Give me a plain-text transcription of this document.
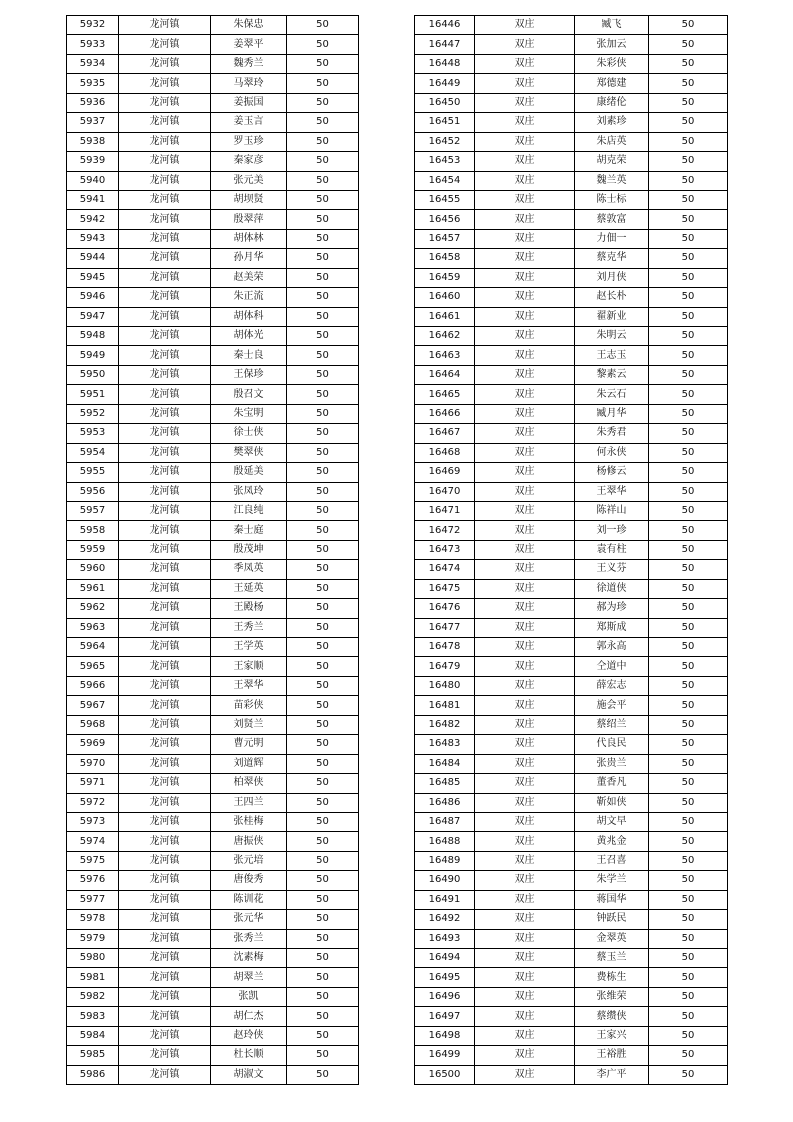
5932	龙河镇	朱保忠	50
5933	龙河镇	姜翠平	50
5934	龙河镇	魏秀兰	50
5935	龙河镇	马翠玲	50
5936	龙河镇	姜振国	50
5937	龙河镇	姜玉言	50
5938	龙河镇	罗玉珍	50
5939	龙河镇	秦家彦	50
5940	龙河镇	张元美	50
5941	龙河镇	胡坝贤	50
5942	龙河镇	殷翠萍	50
5943	龙河镇	胡体林	50
5944	龙河镇	孙月华	50
5945	龙河镇	赵美荣	50
5946	龙河镇	朱正流	50
5947	龙河镇	胡体科	50
5948	龙河镇	胡体光	50
5949	龙河镇	秦士良	50
5950	龙河镇	王保珍	50
5951	龙河镇	殷召文	50
5952	龙河镇	朱宝明	50
5953	龙河镇	徐士侠	50
5954	龙河镇	樊翠侠	50
5955	龙河镇	殷延美	50
5956	龙河镇	张凤玲	50
5957	龙河镇	江良纯	50
5958	龙河镇	秦士庭	50
5959	龙河镇	殷茂坤	50
5960	龙河镇	季凤英	50
5961	龙河镇	王延英	50
5962	龙河镇	王殿杨	50
5963	龙河镇	王秀兰	50
5964	龙河镇	王学英	50
5965	龙河镇	王家顺	50
5966	龙河镇	王翠华	50
5967	龙河镇	苗彩侠	50
5968	龙河镇	刘贤兰	50
5969	龙河镇	曹元明	50
5970	龙河镇	刘道辉	50
5971	龙河镇	柏翠侠	50
5972	龙河镇	王四兰	50
5973	龙河镇	张桂梅	50
5974	龙河镇	唐振侠	50
5975	龙河镇	张元培	50
5976	龙河镇	唐俊秀	50
5977	龙河镇	陈训花	50
5978	龙河镇	张元华	50
5979	龙河镇	张秀兰	50
5980	龙河镇	沈素梅	50
5981	龙河镇	胡翠兰	50
5982	龙河镇	张凯	50
5983	龙河镇	胡仁杰	50
5984	龙河镇	赵玲侠	50
5985	龙河镇	杜长顺	50
5986	龙河镇	胡淑文	50
16446	双庄	臧飞	50
16447	双庄	张加云	50
16448	双庄	朱彩侠	50
16449	双庄	郑德建	50
16450	双庄	康绪伦	50
16451	双庄	刘素珍	50
16452	双庄	朱店英	50
16453	双庄	胡克荣	50
16454	双庄	魏兰英	50
16455	双庄	陈士标	50
16456	双庄	蔡敦富	50
16457	双庄	力佃一	50
16458	双庄	蔡克华	50
16459	双庄	刘月侠	50
16460	双庄	赵长朴	50
16461	双庄	翟新业	50
16462	双庄	朱明云	50
16463	双庄	王志玉	50
16464	双庄	黎素云	50
16465	双庄	朱云石	50
16466	双庄	臧月华	50
16467	双庄	朱秀君	50
16468	双庄	何永侠	50
16469	双庄	杨修云	50
16470	双庄	王翠华	50
16471	双庄	陈祥山	50
16472	双庄	刘一珍	50
16473	双庄	袁有柱	50
16474	双庄	王义芬	50
16475	双庄	徐道侠	50
16476	双庄	郝为珍	50
16477	双庄	郑斯成	50
16478	双庄	郭永高	50
16479	双庄	仝道中	50
16480	双庄	薛宏志	50
16481	双庄	施会平	50
16482	双庄	蔡绍兰	50
16483	双庄	代良民	50
16484	双庄	张贵兰	50
16485	双庄	董香凡	50
16486	双庄	靳如侠	50
16487	双庄	胡文早	50
16488	双庄	黄兆金	50
16489	双庄	王召喜	50
16490	双庄	朱学兰	50
16491	双庄	蒋国华	50
16492	双庄	钟跃民	50
16493	双庄	金翠英	50
16494	双庄	蔡玉兰	50
16495	双庄	费栋生	50
16496	双庄	张维荣	50
16497	双庄	蔡缵侠	50
16498	双庄	王家兴	50
16499	双庄	王裕胜	50
16500	双庄	李广平	50
